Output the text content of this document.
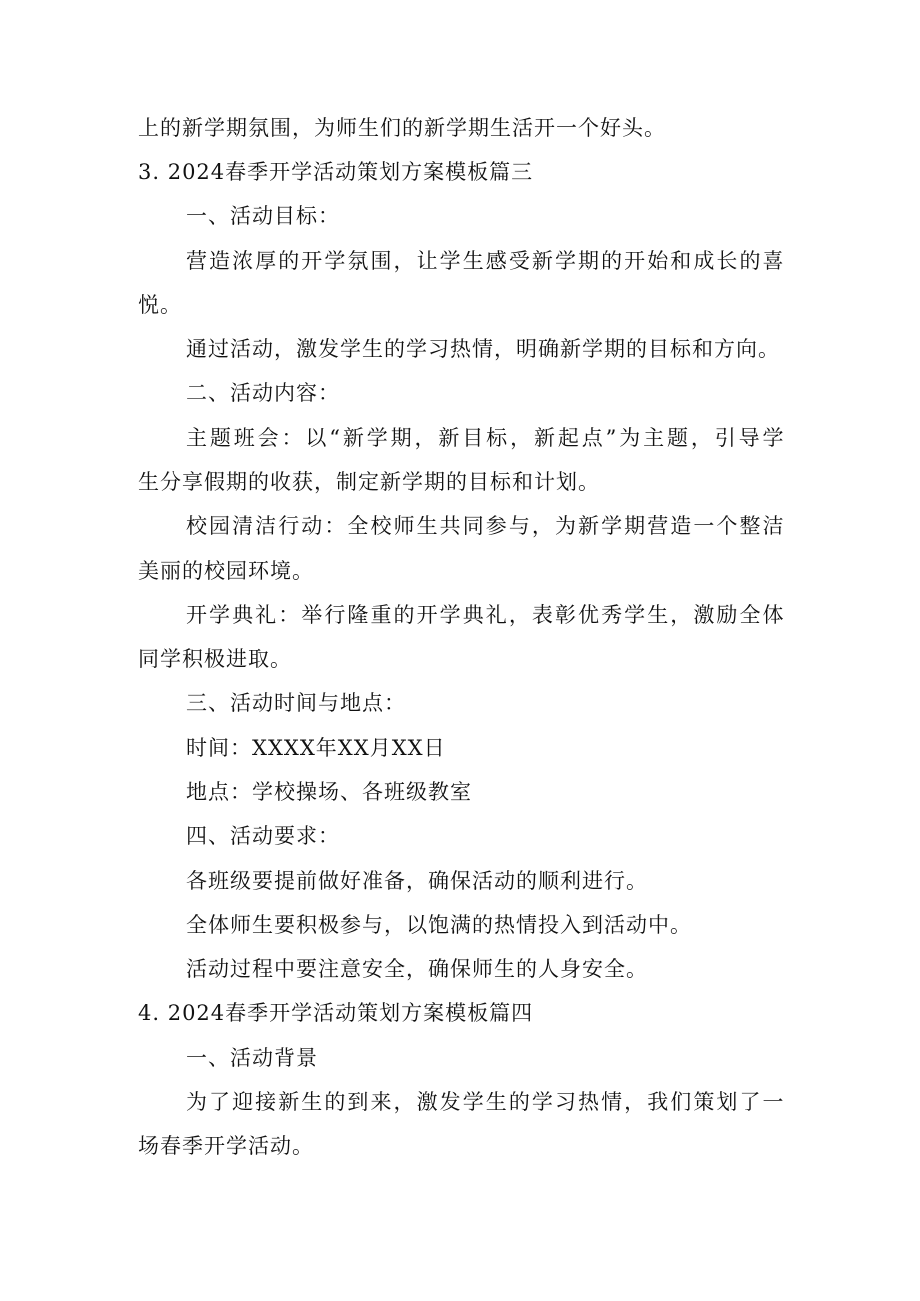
上的新学期氛围，为师生们的新学期生活开一个好头。
3. 2024春季开学活动策划方案模板篇三
一、活动目标：
营造浓厚的开学氛围，让学生感受新学期的开始和成长的喜
悦。
通过活动，激发学生的学习热情，明确新学期的目标和方向。
二、活动内容：
主题班会：以“新学期，新目标，新起点”为主题，引导学
生分享假期的收获，制定新学期的目标和计划。
校园清洁行动：全校师生共同参与，为新学期营造一个整洁
美丽的校园环境。
开学典礼：举行隆重的开学典礼，表彰优秀学生，激励全体
同学积极进取。
三、活动时间与地点：
时间：XXXX年XX月XX日
地点：学校操场、各班级教室
四、活动要求：
各班级要提前做好准备，确保活动的顺利进行。
全体师生要积极参与，以饱满的热情投入到活动中。
活动过程中要注意安全，确保师生的人身安全。
4. 2024春季开学活动策划方案模板篇四
一、活动背景
为了迎接新生的到来，激发学生的学习热情，我们策划了一
场春季开学活动。
